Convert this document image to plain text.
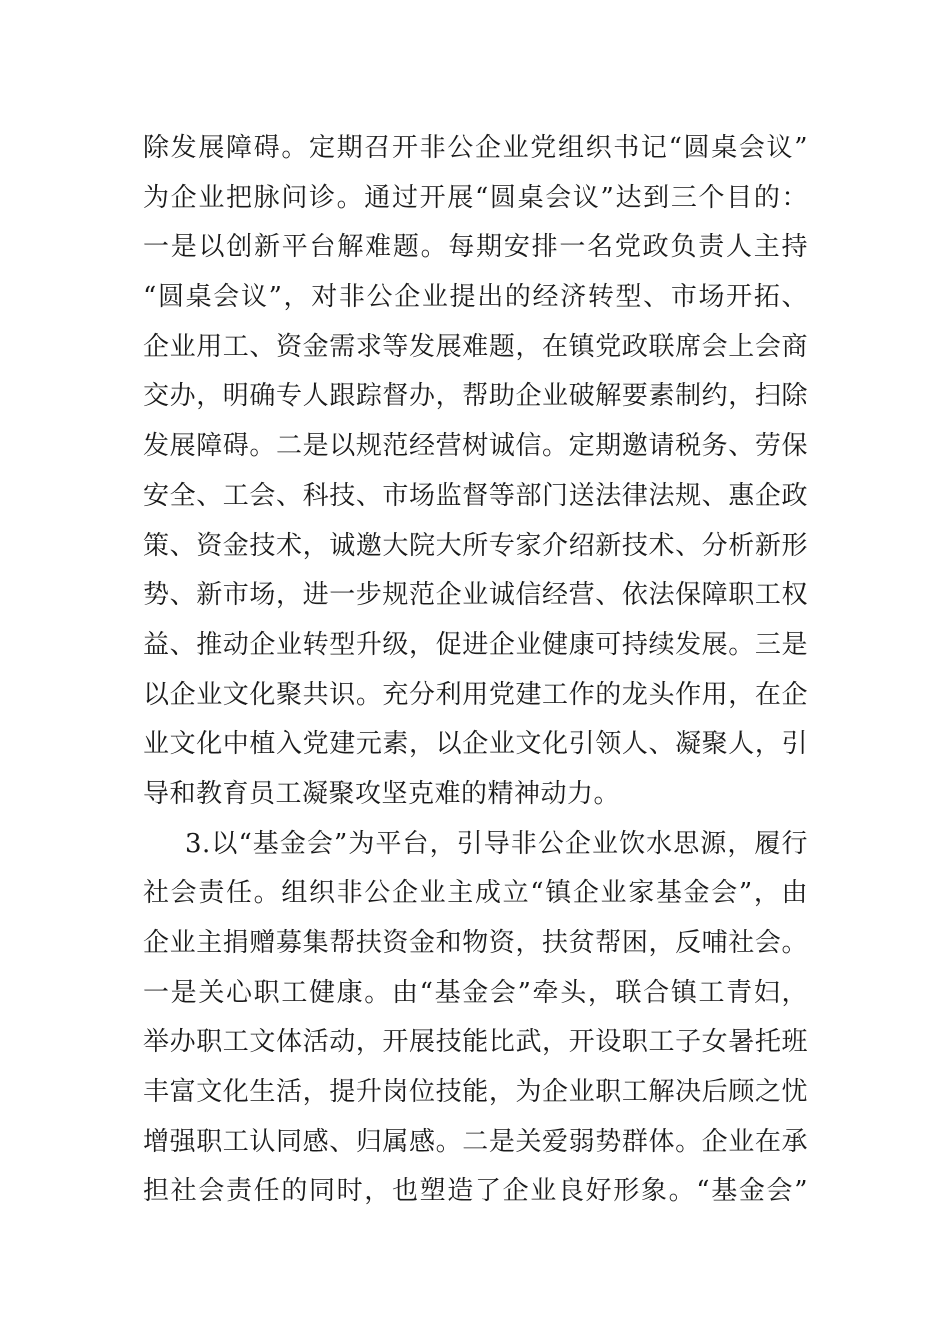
除发展障碍。定期召开非公企业党组织书记“圆桌会议”
为企业把脉问诊。通过开展“圆桌会议”达到三个目的：
一是以创新平台解难题。每期安排一名党政负责人主持
“圆桌会议”，对非公企业提出的经济转型、市场开拓、
企业用工、资金需求等发展难题，在镇党政联席会上会商
交办，明确专人跟踪督办，帮助企业破解要素制约，扫除
发展障碍。二是以规范经营树诚信。定期邀请税务、劳保
安全、工会、科技、市场监督等部门送法律法规、惠企政
策、资金技术，诚邀大院大所专家介绍新技术、分析新形
势、新市场，进一步规范企业诚信经营、依法保障职工权
益、推动企业转型升级，促进企业健康可持续发展。三是
以企业文化聚共识。充分利用党建工作的龙头作用，在企
业文化中植入党建元素，以企业文化引领人、凝聚人，引
导和教育员工凝聚攻坚克难的精神动力。
3.以“基金会”为平台，引导非公企业饮水思源，履行
社会责任。组织非公企业主成立“镇企业家基金会”，由
企业主捐赠募集帮扶资金和物资，扶贫帮困，反哺社会。
一是关心职工健康。由“基金会”牵头，联合镇工青妇，
举办职工文体活动，开展技能比武，开设职工子女暑托班
丰富文化生活，提升岗位技能，为企业职工解决后顾之忧
增强职工认同感、归属感。二是关爱弱势群体。企业在承
担社会责任的同时，也塑造了企业良好形象。“基金会”
